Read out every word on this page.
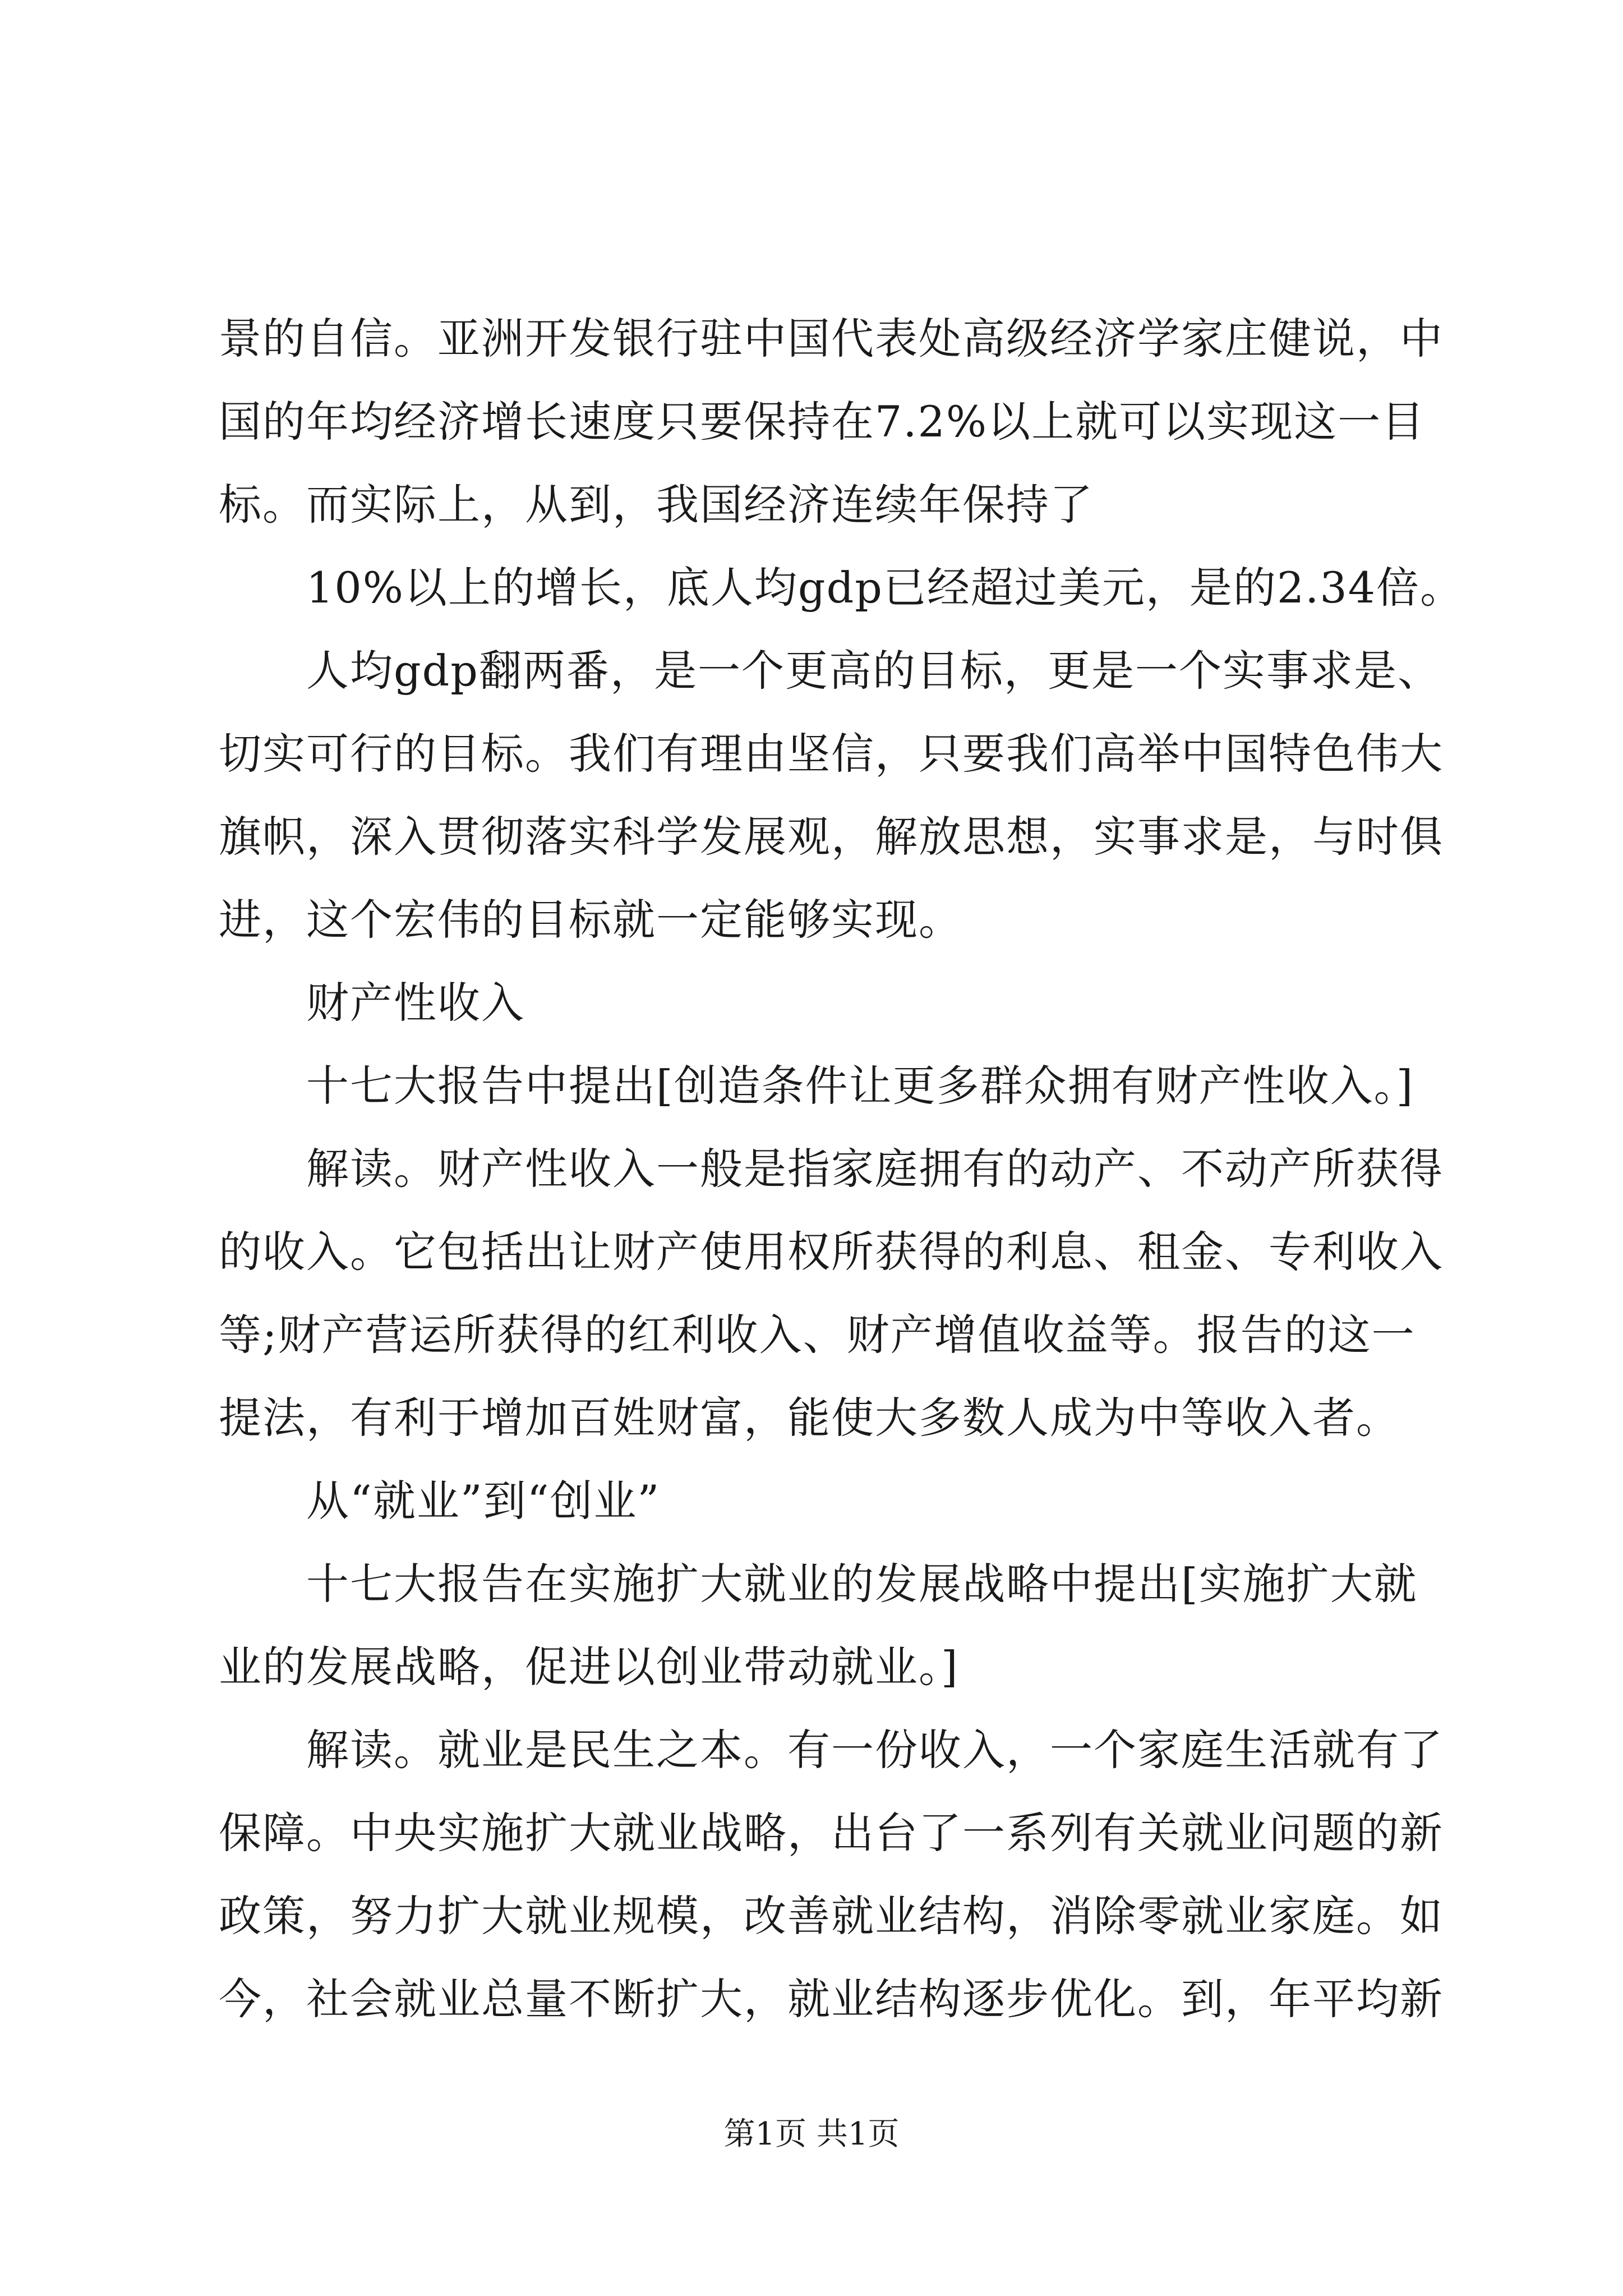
景的自信。亚洲开发银行驻中国代表处高级经济学家庄健说，中
国的年均经济增长速度只要保持在7.2%以上就可以实现这一目
标。而实际上，从到，我国经济连续年保持了
10%以上的增长，底人均gdp已经超过美元，是的2.34倍。
人均gdp翻两番，是一个更高的目标，更是一个实事求是、
切实可行的目标。我们有理由坚信，只要我们高举中国特色伟大
旗帜，深入贯彻落实科学发展观，解放思想，实事求是，与时俱
进，这个宏伟的目标就一定能够实现。
财产性收入
十七大报告中提出[创造条件让更多群众拥有财产性收入。]
解读。财产性收入一般是指家庭拥有的动产、不动产所获得
的收入。它包括出让财产使用权所获得的利息、租金、专利收入
等;财产营运所获得的红利收入、财产增值收益等。报告的这一
提法，有利于增加百姓财富，能使大多数人成为中等收入者。
从“就业”到“创业”
十七大报告在实施扩大就业的发展战略中提出[实施扩大就
业的发展战略，促进以创业带动就业。]
解读。就业是民生之本。有一份收入，一个家庭生活就有了
保障。中央实施扩大就业战略，出台了一系列有关就业问题的新
政策，努力扩大就业规模，改善就业结构，消除零就业家庭。如
今，社会就业总量不断扩大，就业结构逐步优化。到，年平均新
第1页 共1页
